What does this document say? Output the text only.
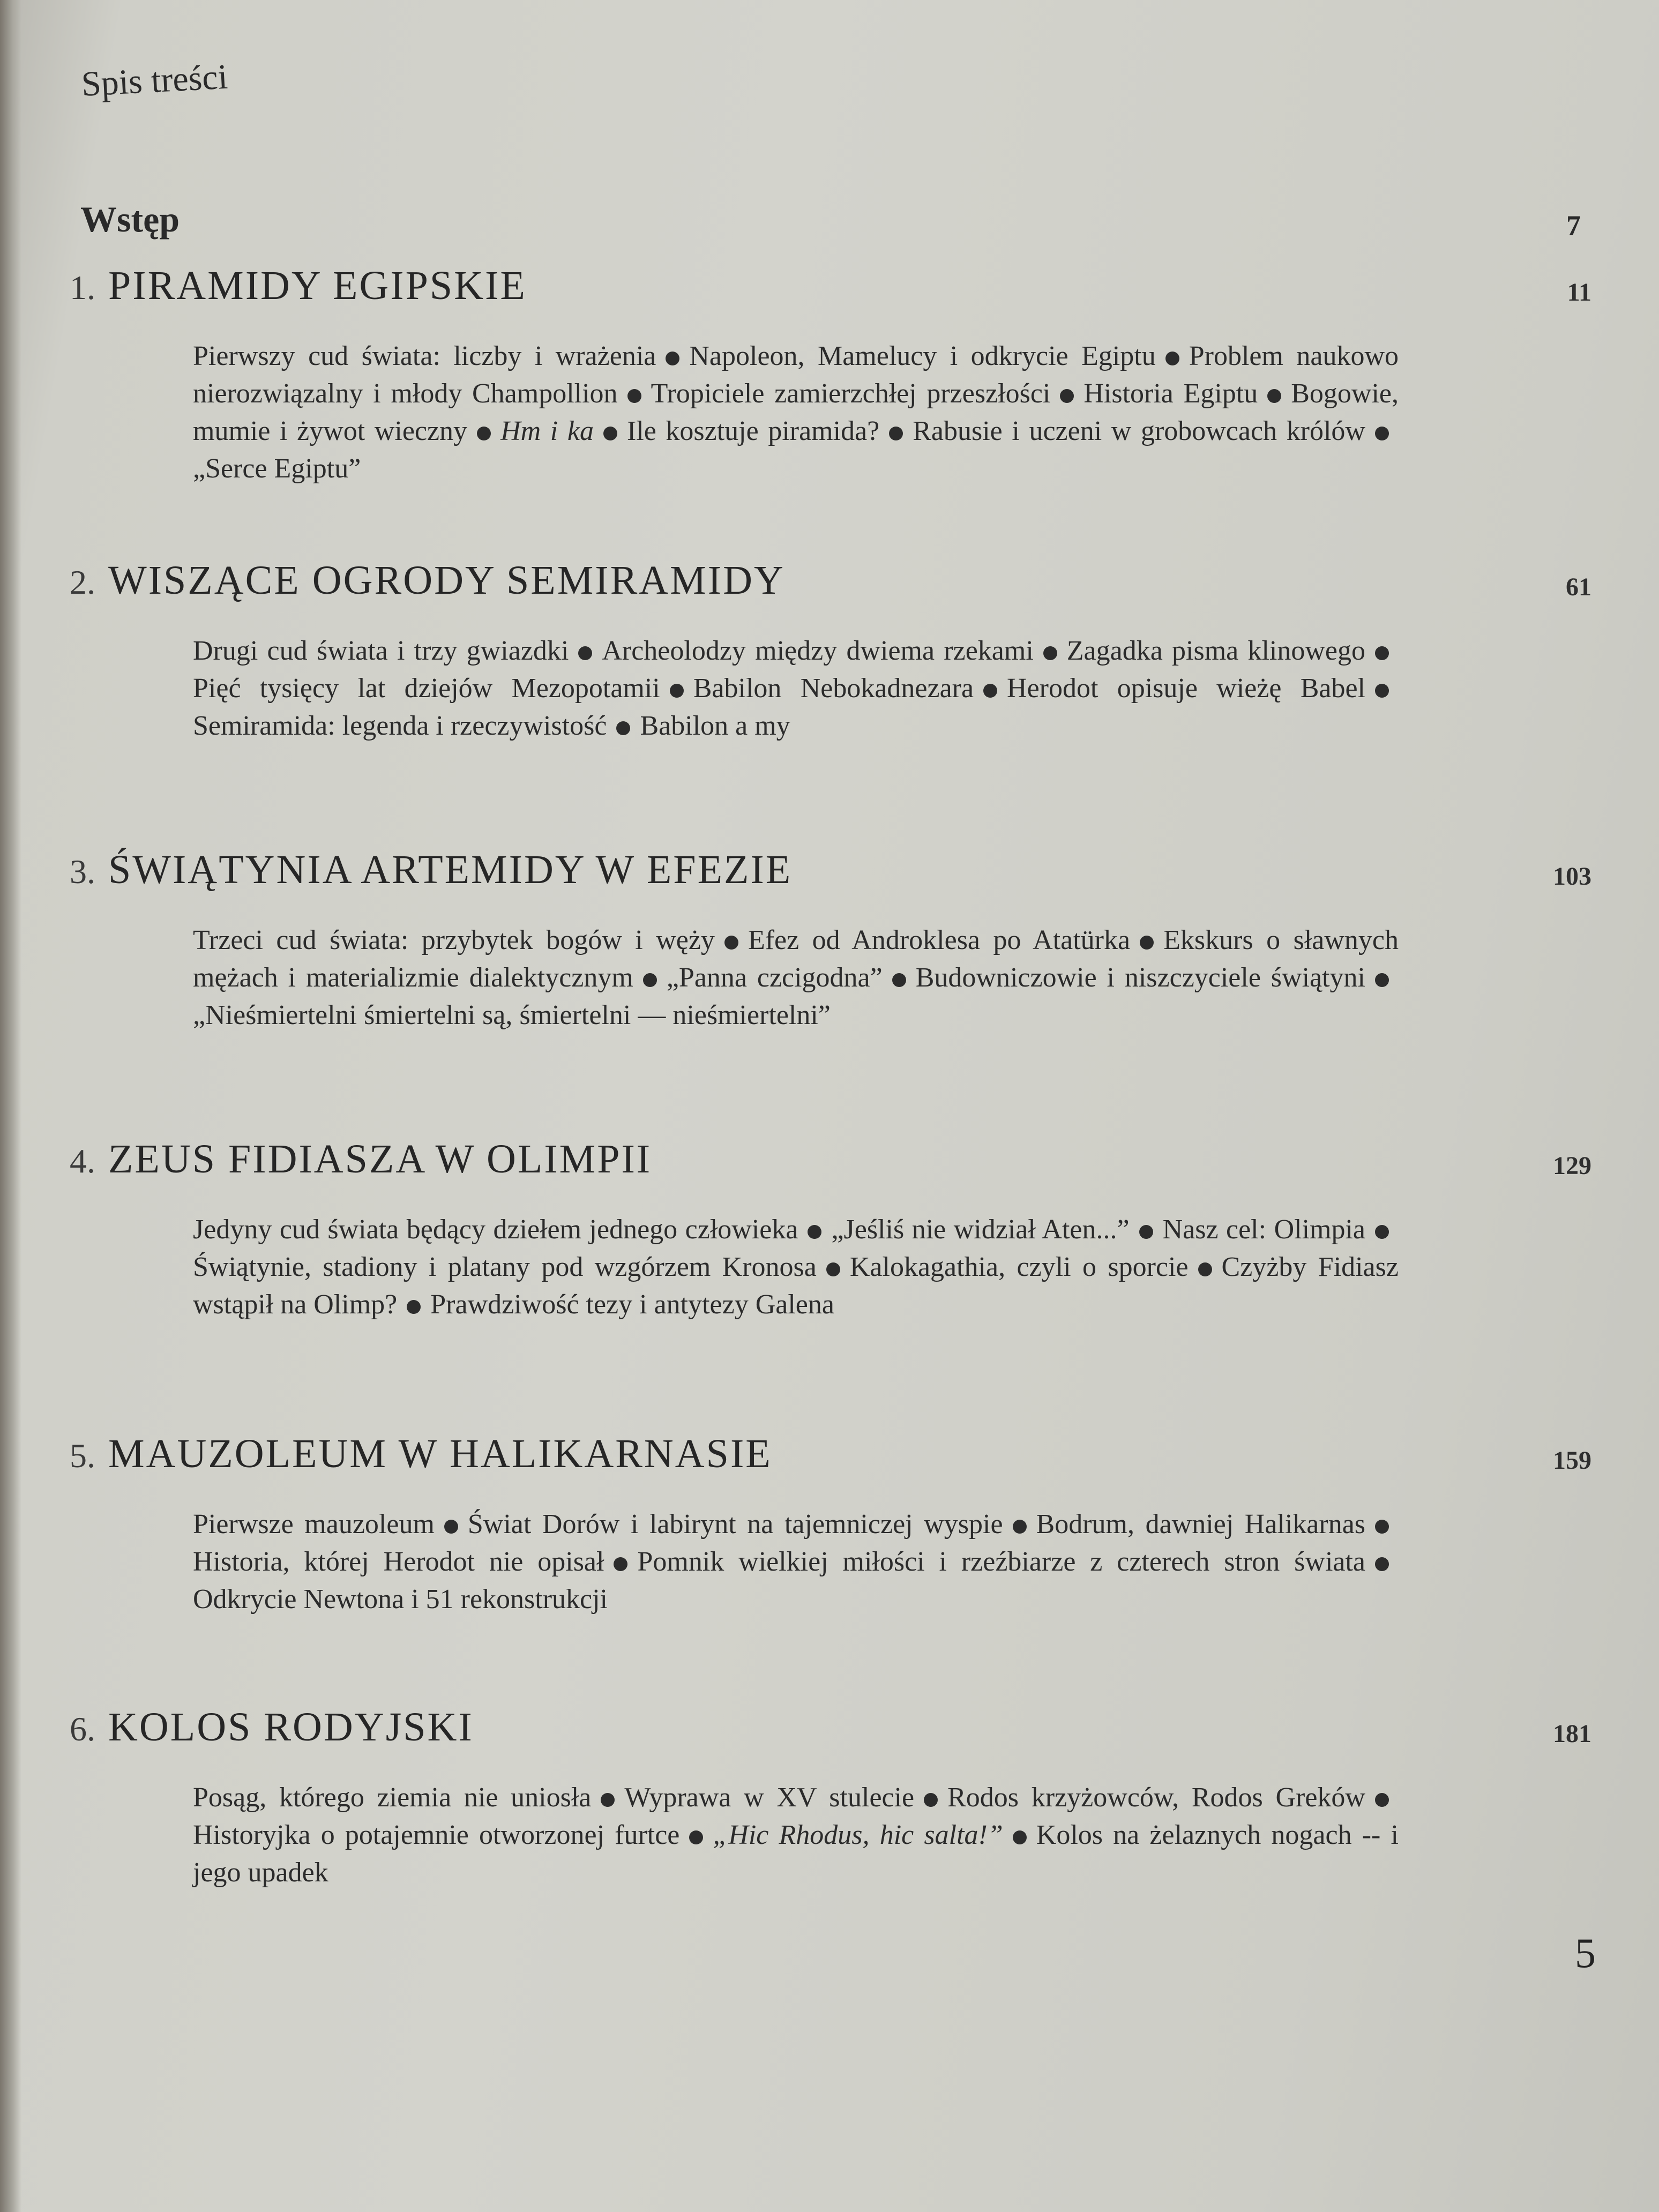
Spis treści
Wstęp	7
1. PIRAMIDY EGIPSKIE	11
Pierwszy cud świata: liczby i wrażenia Napoleon, Mamelucy i odkrycie Egiptu Problem naukowo nierozwiązalny i młody Champollion Tropiciele zamierzchłej przeszłości Historia Egiptu Bogowie, mumie i żywot wieczny Hm i ka Ile kosztuje piramida? Rabusie i uczeni w grobowcach królów„Serce Egiptu”
2. WISZĄCE OGRODY SEMIRAMIDY	61
Drugi cud świata i trzy gwiazdki Archeolodzy między dwiema rzekami Zagadka pisma klinowegoPięć tysięcy lat dziejów Mezopotamii Babilon Nebokadnezara Herodot opisuje wieżę BabelSemiramida: legenda i rzeczywistość Babilon a my
3. ŚWIĄTYNIA ARTEMIDY W EFEZIE	103
Trzeci cud świata: przybytek bogów i węży Efez od Androklesa po Atatürka Ekskurs o sławnych mężach i materializmie dialektycznym „Panna czcigodna” Budowniczowie i niszczyciele świątyni„Nieśmiertelni śmiertelni są, śmiertelni — nieśmiertelni”
4. ZEUS FIDIASZA W OLIMPII	129
Jedyny cud świata będący dziełem jednego człowieka „Jeśliś nie widział Aten...” Nasz cel: OlimpiaŚwiątynie, stadiony i platany pod wzgórzem Kronosa Kalokagathia, czyli o sporcie Czyżby Fidiasz wstąpił na Olimp? Prawdziwość tezy i antytezy Galena
5. MAUZOLEUM W HALIKARNASIE	159
Pierwsze mauzoleum Świat Dorów i labirynt na tajemniczej wyspie Bodrum, dawniej HalikarnasHistoria, której Herodot nie opisał Pomnik wielkiej miłości i rzeźbiarze z czterech stron świataOdkrycie Newtona i 51 rekonstrukcji
6. KOLOS RODYJSKI	181
Posąg, którego ziemia nie uniosła Wyprawa w XV stulecie Rodos krzyżowców, Rodos GrekówHistoryjka o potajemnie otworzonej furtce „Hic Rhodus, hic salta!” Kolos na żelaznych nogach -- i jego upadek
5
